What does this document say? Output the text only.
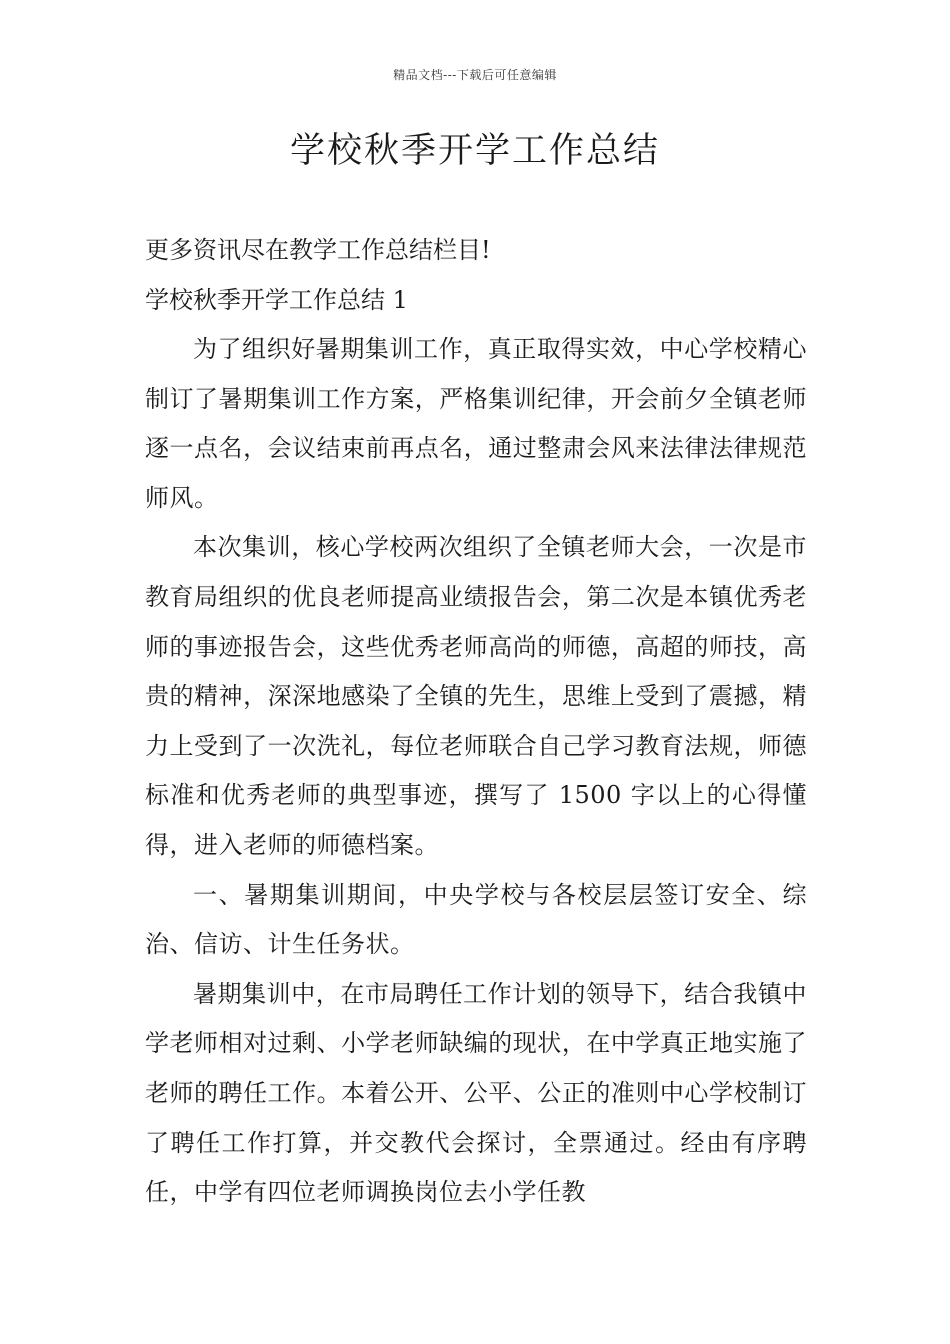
精品文档---下载后可任意编辑
学校秋季开学工作总结

更多资讯尽在教学工作总结栏目!

学校秋季开学工作总结 1

为了组织好暑期集训工作，真正取得实效，中心学校精心制订了暑期集训工作方案，严格集训纪律，开会前夕全镇老师逐一点名，会议结束前再点名，通过整肃会风来法律法律规范师风。

本次集训，核心学校两次组织了全镇老师大会，一次是市教育局组织的优良老师提高业绩报告会，第二次是本镇优秀老师的事迹报告会，这些优秀老师高尚的师德，高超的师技，高贵的精神，深深地感染了全镇的先生，思维上受到了震撼，精力上受到了一次洗礼，每位老师联合自己学习教育法规，师德标准和优秀老师的典型事迹，撰写了 1500 字以上的心得懂得，进入老师的师德档案。

一、暑期集训期间，中央学校与各校层层签订安全、综治、信访、计生任务状。

暑期集训中，在市局聘任工作计划的领导下，结合我镇中学老师相对过剩、小学老师缺编的现状，在中学真正地实施了老师的聘任工作。本着公开、公平、公正的准则中心学校制订了聘任工作打算，并交教代会探讨，全票通过。经由有序聘任，中学有四位老师调换岗位去小学任教
